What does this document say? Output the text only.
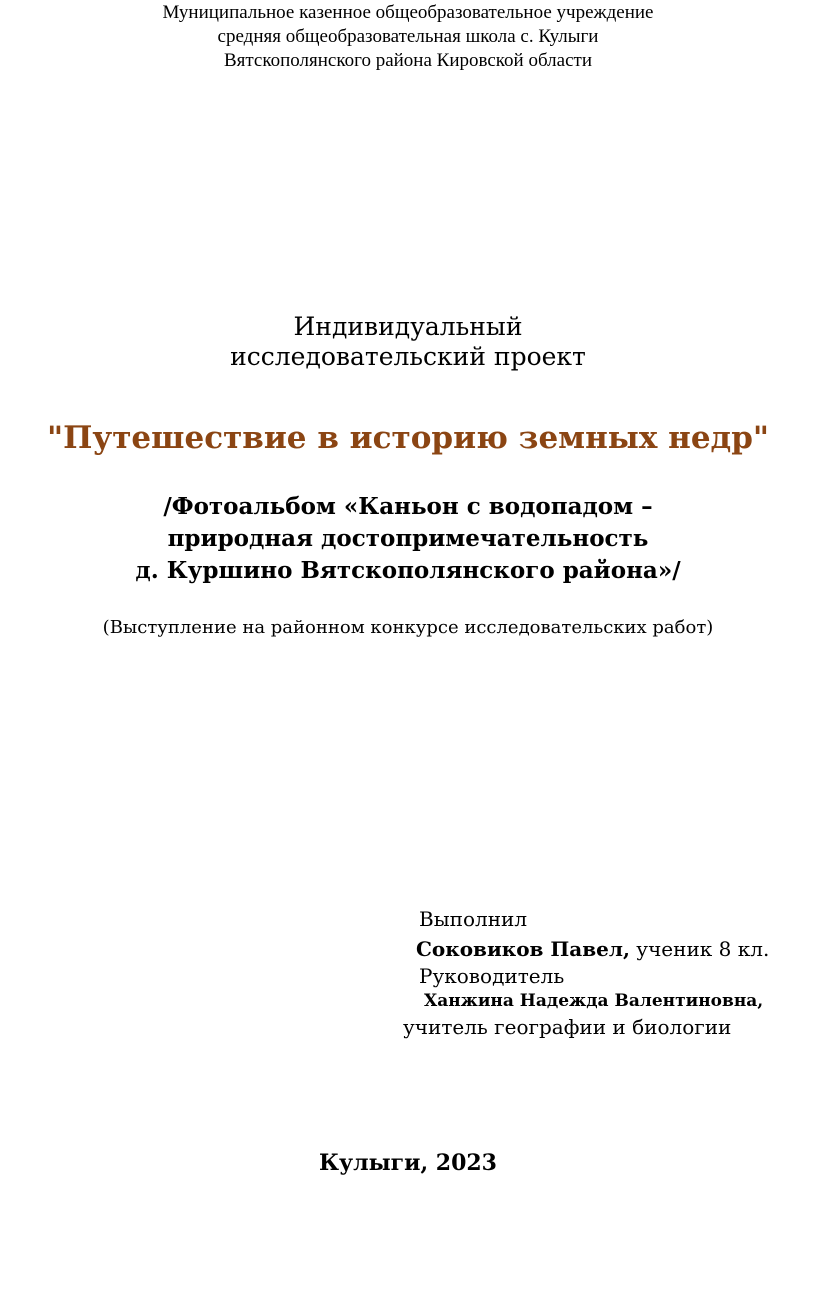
Муниципальное казенное общеобразовательное учреждение
средняя общеобразовательная школа с. Кулыги
Вятскополянского района Кировской области
Индивидуальный
исследовательский проект
"Путешествие в историю земных недр"
/Фотоальбом «Каньон с водопадом –
природная достопримечательность
д. Куршино Вятскополянского района»/
(Выступление на районном конкурсе исследовательских работ)
Выполнил
Соковиков Павел, ученик 8 кл.
Руководитель
Ханжина Надежда Валентиновна,
учитель географии и биологии
Кулыги, 2023
